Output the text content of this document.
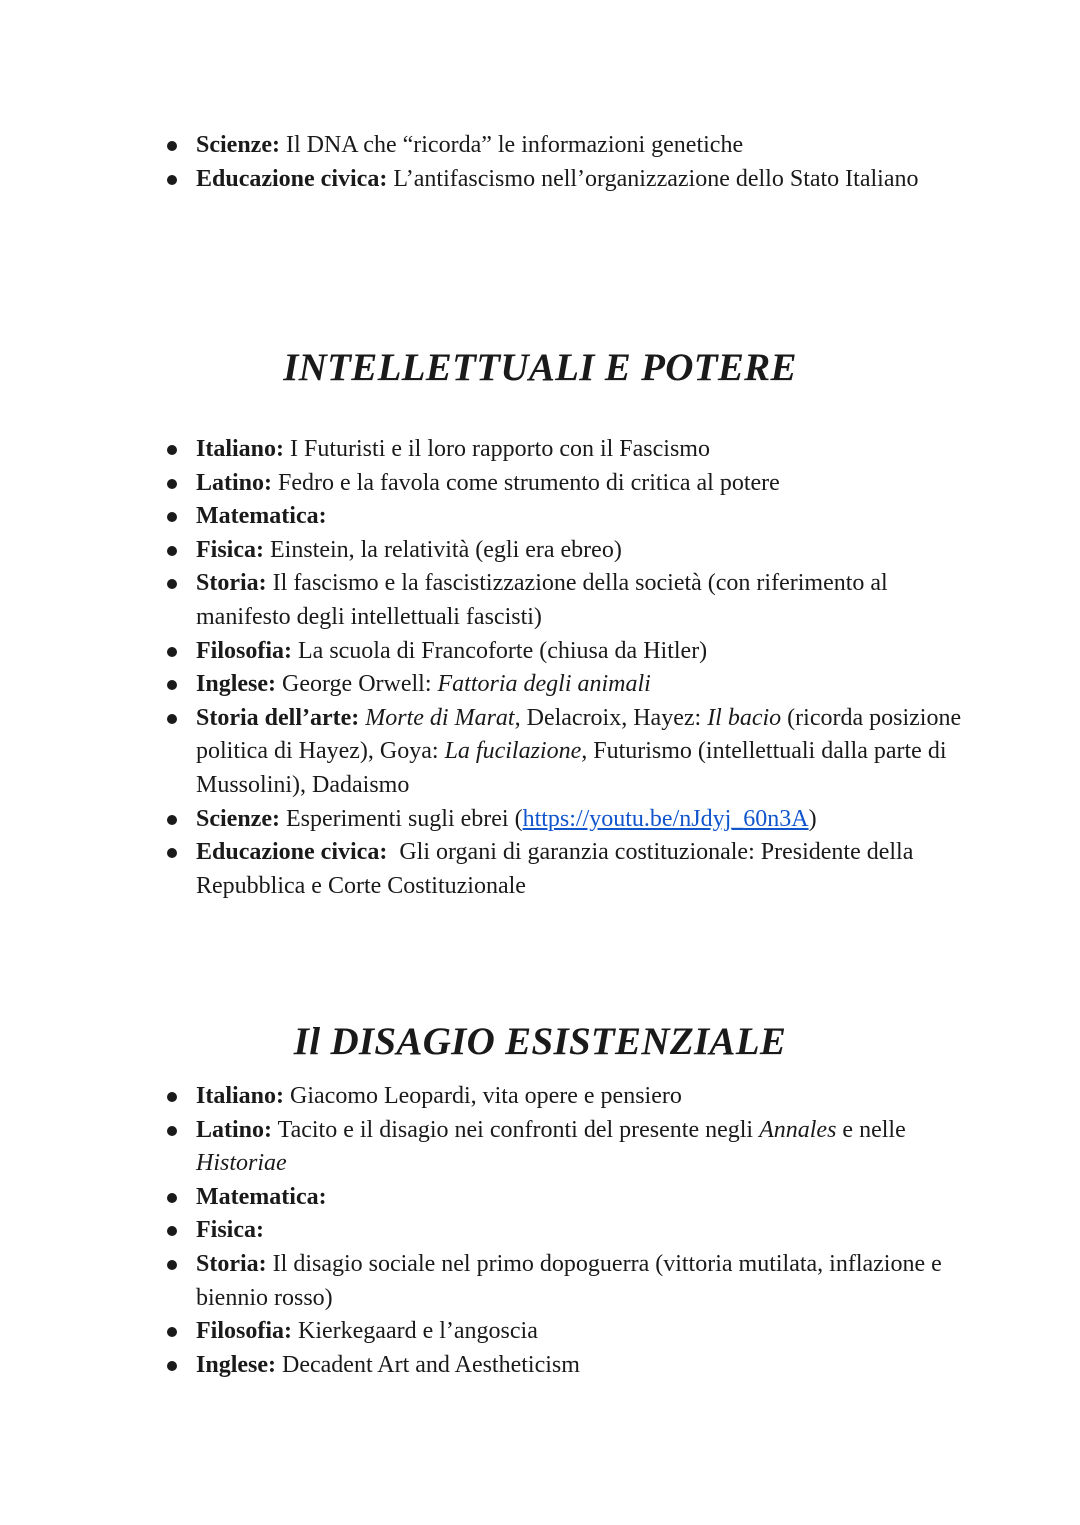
Scienze: Il DNA che “ricorda” le informazioni genetiche
Educazione civica: L’antifascismo nell’organizzazione dello Stato Italiano
INTELLETTUALI E POTERE
Italiano: I Futuristi e il loro rapporto con il Fascismo
Latino: Fedro e la favola come strumento di critica al potere
Matematica:
Fisica: Einstein, la relatività (egli era ebreo)
Storia: Il fascismo e la fascistizzazione della società (con riferimento al manifesto degli intellettuali fascisti)
Filosofia: La scuola di Francoforte (chiusa da Hitler)
Inglese: George Orwell: Fattoria degli animali
Storia dell’arte: Morte di Marat, Delacroix, Hayez: Il bacio (ricorda posizione politica di Hayez), Goya: La fucilazione, Futurismo (intellettuali dalla parte di Mussolini), Dadaismo
Scienze: Esperimenti sugli ebrei (https://youtu.be/nJdyj_60n3A)
Educazione civica:  Gli organi di garanzia costituzionale: Presidente della Repubblica e Corte Costituzionale
Il DISAGIO ESISTENZIALE
Italiano: Giacomo Leopardi, vita opere e pensiero
Latino: Tacito e il disagio nei confronti del presente negli Annales e nelle Historiae
Matematica:
Fisica:
Storia: Il disagio sociale nel primo dopoguerra (vittoria mutilata, inflazione e biennio rosso)
Filosofia: Kierkegaard e l’angoscia
Inglese: Decadent Art and Aestheticism
